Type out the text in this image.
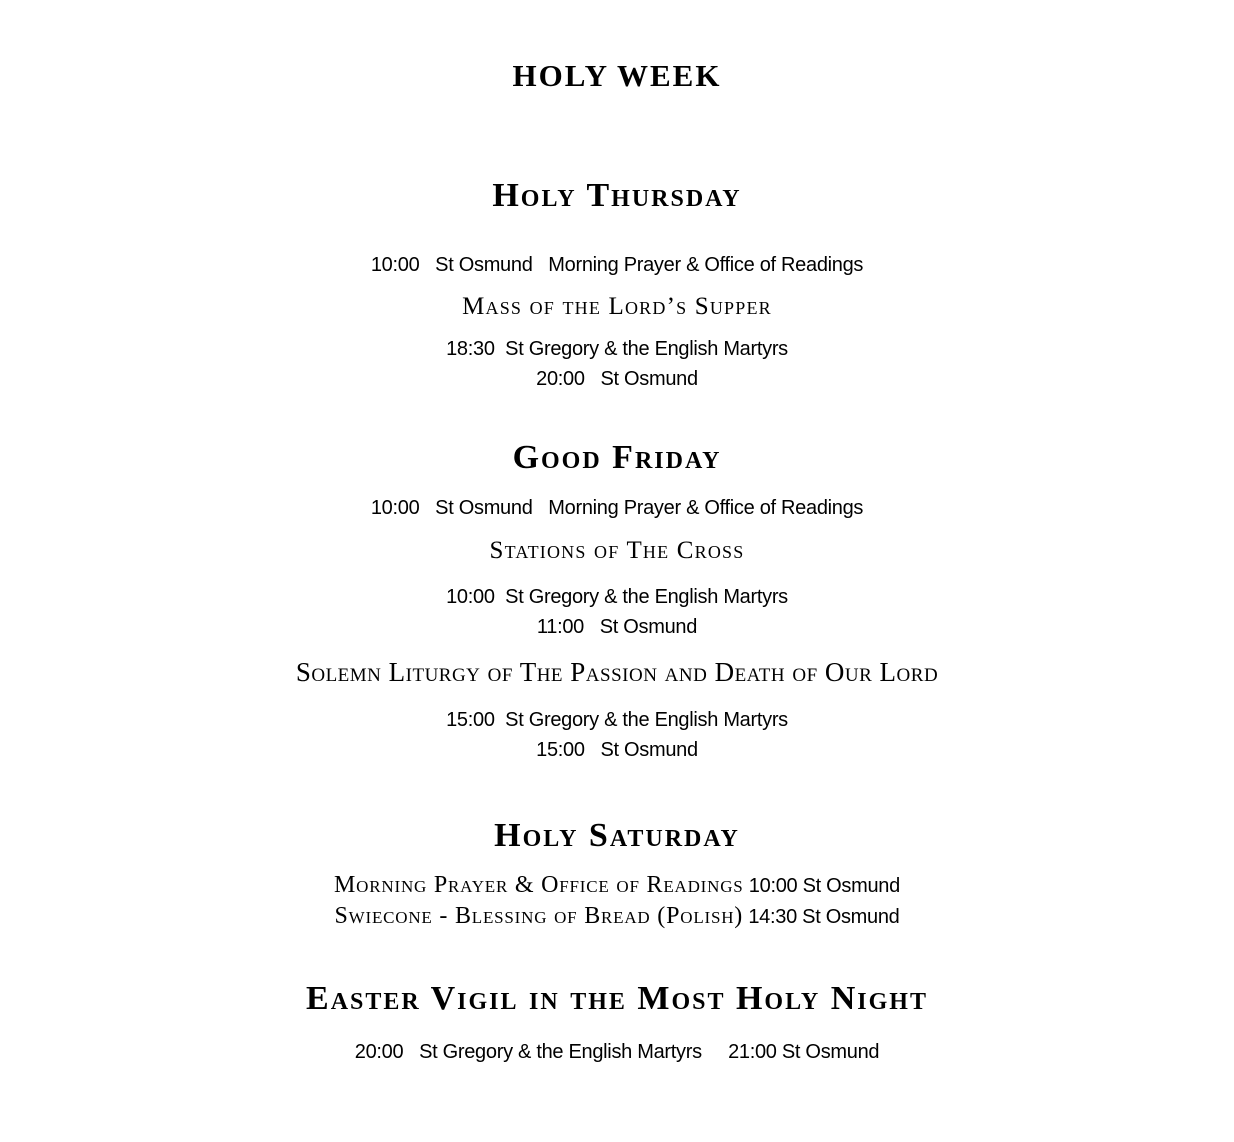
HOLY WEEK
Holy Thursday

10:00   St Osmund   Morning Prayer & Office of Readings

Mass of the Lord’s Supper

18:30  St Gregory & the English Martyrs

20:00   St Osmund

Good Friday

10:00   St Osmund   Morning Prayer & Office of Readings

Stations of The Cross

10:00  St Gregory & the English Martyrs

11:00   St Osmund

Solemn Liturgy of The Passion and Death of Our Lord

15:00  St Gregory & the English Martyrs

15:00   St Osmund

Holy Saturday

Morning Prayer & Office of Readings 10:00 St Osmund

Swiecone - Blessing of Bread (Polish) 14:30 St Osmund

Easter Vigil in the Most Holy Night

20:00   St Gregory & the English Martyrs     21:00 St Osmund
